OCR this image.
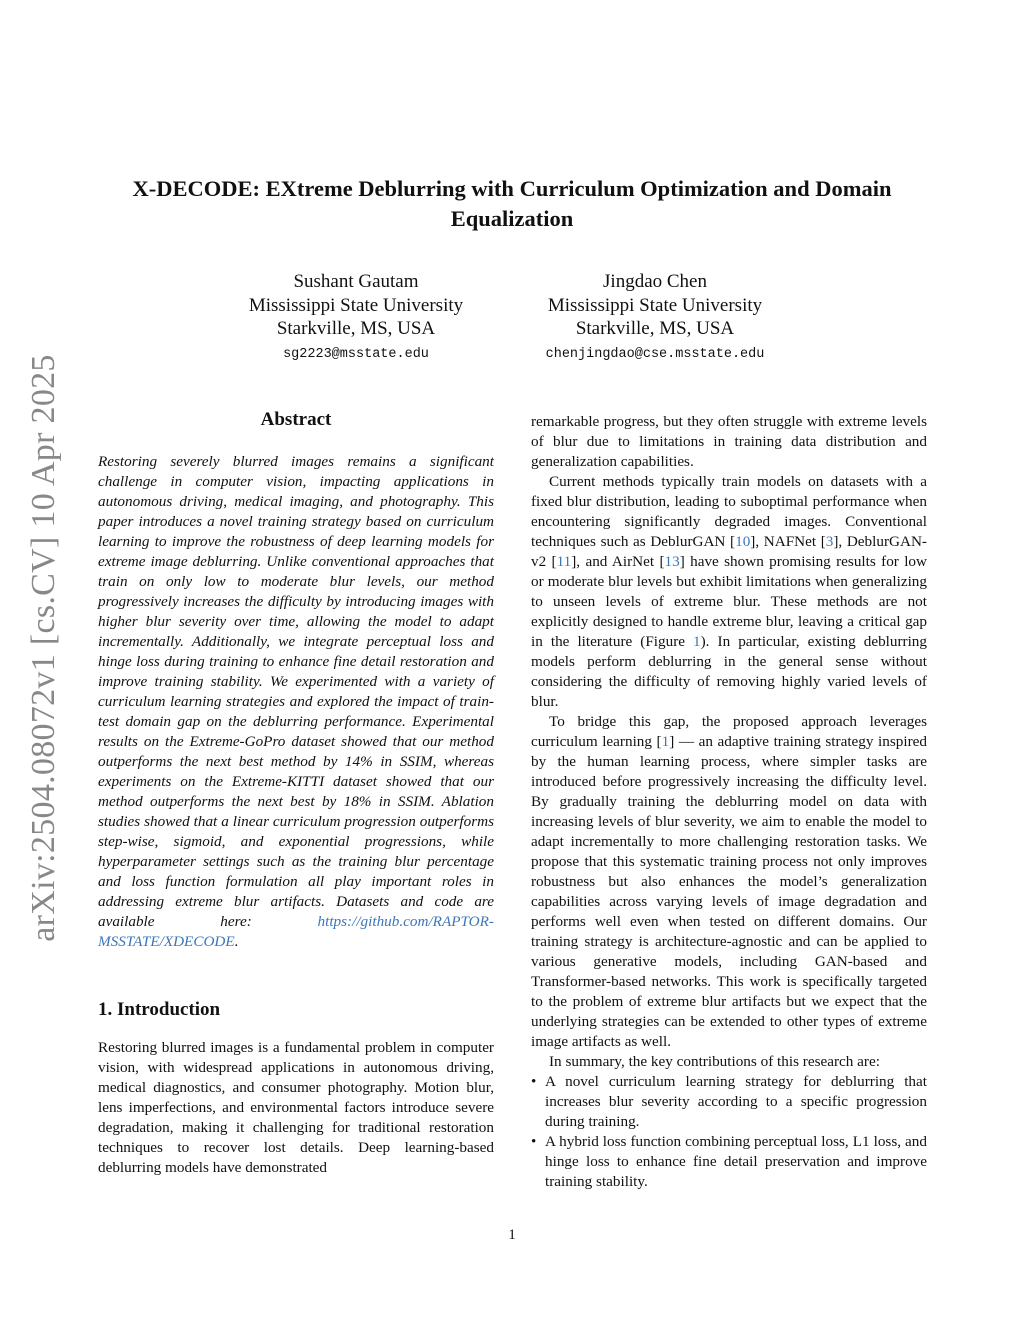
arXiv:2504.08072v1 [cs.CV] 10 Apr 2025
X-DECODE: EXtreme Deblurring with Curriculum Optimization and Domain Equalization
Sushant Gautam
Mississippi State University
Starkville, MS, USA
sg2223@msstate.edu
Jingdao Chen
Mississippi State University
Starkville, MS, USA
chenjingdao@cse.msstate.edu
Abstract

Restoring severely blurred images remains a significant challenge in computer vision, impacting applications in autonomous driving, medical imaging, and photography. This paper introduces a novel training strategy based on curriculum learning to improve the robustness of deep learning models for extreme image deblurring. Unlike conventional approaches that train on only low to moderate blur levels, our method progressively increases the difficulty by introducing images with higher blur severity over time, allowing the model to adapt incrementally. Additionally, we integrate perceptual loss and hinge loss during training to enhance fine detail restoration and improve training stability. We experimented with a variety of curriculum learning strategies and explored the impact of train-test domain gap on the deblurring performance. Experimental results on the Extreme-GoPro dataset showed that our method outperforms the next best method by 14% in SSIM, whereas experiments on the Extreme-KITTI dataset showed that our method outperforms the next best by 18% in SSIM. Ablation studies showed that a linear curriculum progression outperforms step-wise, sigmoid, and exponential progressions, while hyperparameter settings such as the training blur percentage and loss function formulation all play important roles in addressing extreme blur artifacts. Datasets and code are available here: https://github.com/RAPTOR-MSSTATE/XDECODE.

1. Introduction

Restoring blurred images is a fundamental problem in computer vision, with widespread applications in autonomous driving, medical diagnostics, and consumer photography. Motion blur, lens imperfections, and environmental factors introduce severe degradation, making it challenging for traditional restoration techniques to recover lost details. Deep learning-based deblurring models have demonstrated

remarkable progress, but they often struggle with extreme levels of blur due to limitations in training data distribution and generalization capabilities.

Current methods typically train models on datasets with a fixed blur distribution, leading to suboptimal performance when encountering significantly degraded images. Conventional techniques such as DeblurGAN [10], NAFNet [3], DeblurGAN-v2 [11], and AirNet [13] have shown promising results for low or moderate blur levels but exhibit limitations when generalizing to unseen levels of extreme blur. These methods are not explicitly designed to handle extreme blur, leaving a critical gap in the literature (Figure 1). In particular, existing deblurring models perform deblurring in the general sense without considering the difficulty of removing highly varied levels of blur.

To bridge this gap, the proposed approach leverages curriculum learning [1] — an adaptive training strategy inspired by the human learning process, where simpler tasks are introduced before progressively increasing the difficulty level. By gradually training the deblurring model on data with increasing levels of blur severity, we aim to enable the model to adapt incrementally to more challenging restoration tasks. We propose that this systematic training process not only improves robustness but also enhances the model’s generalization capabilities across varying levels of image degradation and performs well even when tested on different domains. Our training strategy is architecture-agnostic and can be applied to various generative models, including GAN-based and Transformer-based networks. This work is specifically targeted to the problem of extreme blur artifacts but we expect that the underlying strategies can be extended to other types of extreme image artifacts as well.

In summary, the key contributions of this research are:

• A novel curriculum learning strategy for deblurring that increases blur severity according to a specific progression during training.
• A hybrid loss function combining perceptual loss, L1 loss, and hinge loss to enhance fine detail preservation and improve training stability.
1
